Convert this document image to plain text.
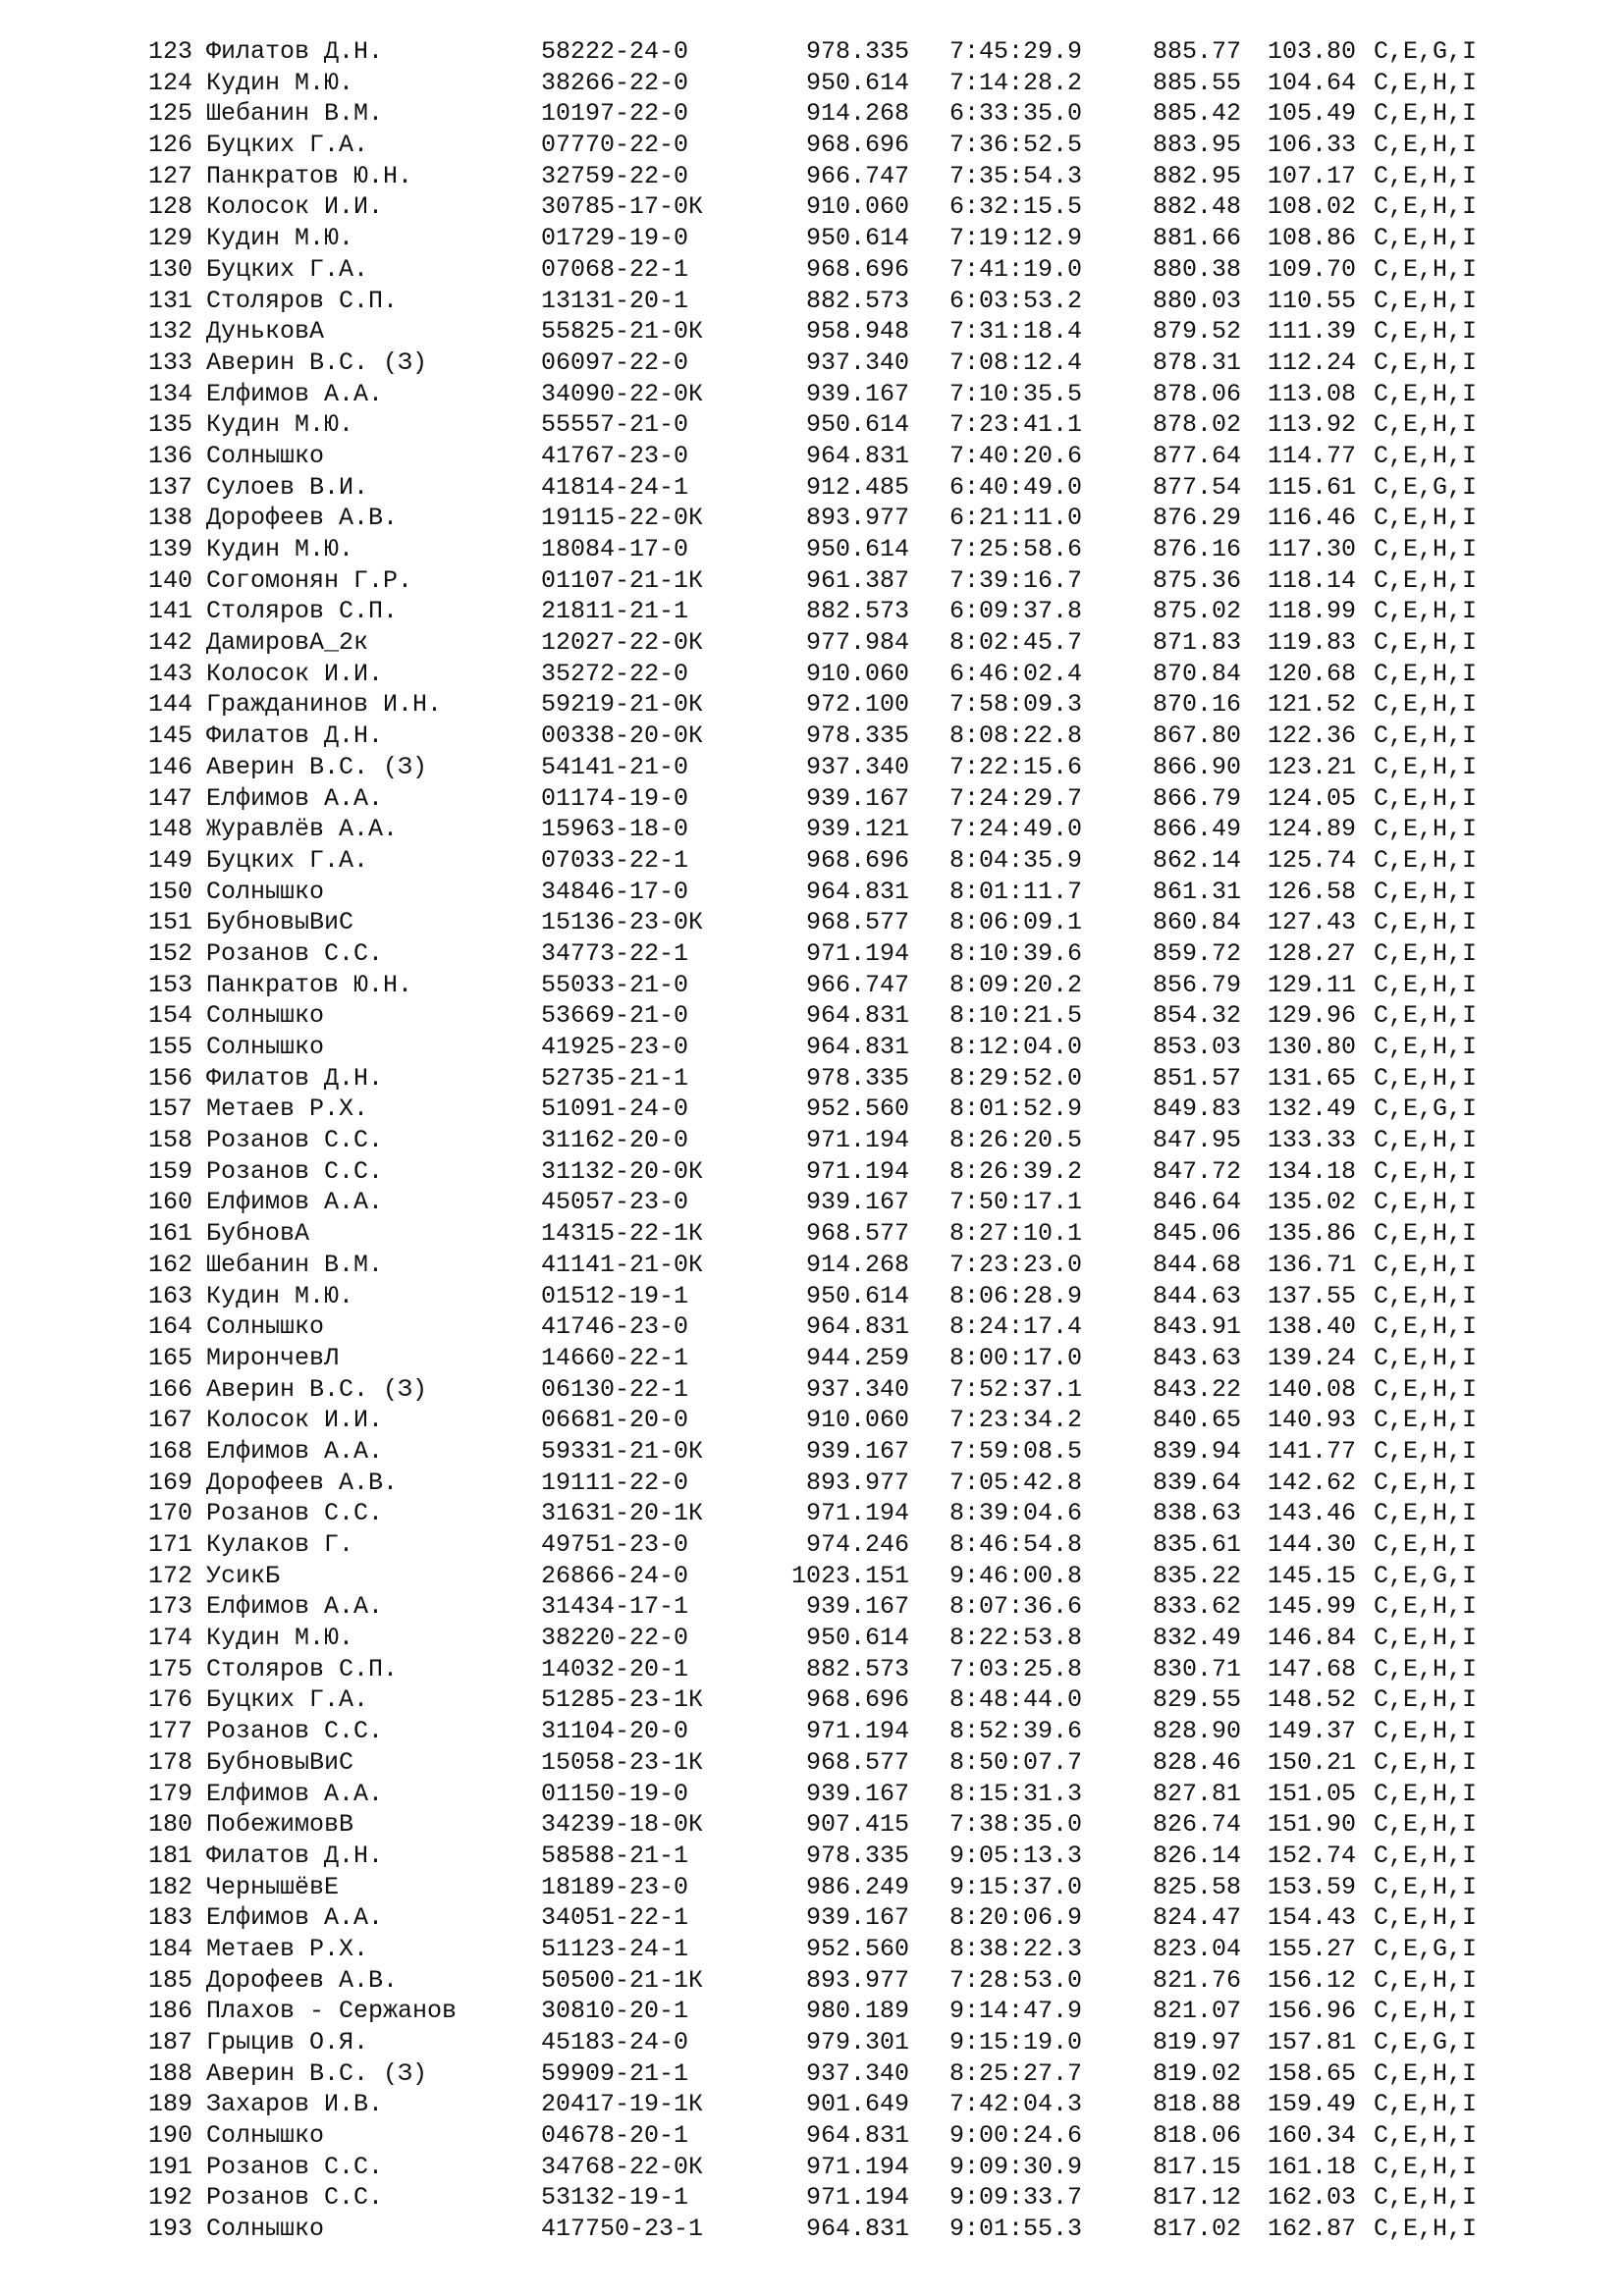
123 Филатов Д.Н.	58222-24-0	978.335	7:45:29.9	885.77	103.80 C,E,G,I
124 Кудин М.Ю.	38266-22-0	950.614	7:14:28.2	885.55	104.64 C,E,H,I
125 Шебанин В.М.	10197-22-0	914.268	6:33:35.0	885.42	105.49 C,E,H,I
126 Буцких Г.А.	07770-22-0	968.696	7:36:52.5	883.95	106.33 C,E,H,I
127 Панкратов Ю.Н.	32759-22-0	966.747	7:35:54.3	882.95	107.17 C,E,H,I
128 Колосок И.И.	30785-17-0К	910.060	6:32:15.5	882.48	108.02 C,E,H,I
129 Кудин М.Ю.	01729-19-0	950.614	7:19:12.9	881.66	108.86 C,E,H,I
130 Буцких Г.А.	07068-22-1	968.696	7:41:19.0	880.38	109.70 C,E,H,I
131 Столяров С.П.	13131-20-1	882.573	6:03:53.2	880.03	110.55 C,E,H,I
132 ДуньковА	55825-21-0К	958.948	7:31:18.4	879.52	111.39 C,E,H,I
133 Аверин В.С. (З)	06097-22-0	937.340	7:08:12.4	878.31	112.24 C,E,H,I
134 Елфимов А.А.	34090-22-0К	939.167	7:10:35.5	878.06	113.08 C,E,H,I
135 Кудин М.Ю.	55557-21-0	950.614	7:23:41.1	878.02	113.92 C,E,H,I
136 Солнышко	41767-23-0	964.831	7:40:20.6	877.64	114.77 C,E,H,I
137 Сулоев В.И.	41814-24-1	912.485	6:40:49.0	877.54	115.61 C,E,G,I
138 Дорофеев А.В.	19115-22-0К	893.977	6:21:11.0	876.29	116.46 C,E,H,I
139 Кудин М.Ю.	18084-17-0	950.614	7:25:58.6	876.16	117.30 C,E,H,I
140 Согомонян Г.Р.	01107-21-1К	961.387	7:39:16.7	875.36	118.14 C,E,H,I
141 Столяров С.П.	21811-21-1	882.573	6:09:37.8	875.02	118.99 C,E,H,I
142 ДамировА_2к	12027-22-0К	977.984	8:02:45.7	871.83	119.83 C,E,H,I
143 Колосок И.И.	35272-22-0	910.060	6:46:02.4	870.84	120.68 C,E,H,I
144 Гражданинов И.Н.	59219-21-0К	972.100	7:58:09.3	870.16	121.52 C,E,H,I
145 Филатов Д.Н.	00338-20-0К	978.335	8:08:22.8	867.80	122.36 C,E,H,I
146 Аверин В.С. (З)	54141-21-0	937.340	7:22:15.6	866.90	123.21 C,E,H,I
147 Елфимов А.А.	01174-19-0	939.167	7:24:29.7	866.79	124.05 C,E,H,I
148 Журавлёв А.А.	15963-18-0	939.121	7:24:49.0	866.49	124.89 C,E,H,I
149 Буцких Г.А.	07033-22-1	968.696	8:04:35.9	862.14	125.74 C,E,H,I
150 Солнышко	34846-17-0	964.831	8:01:11.7	861.31	126.58 C,E,H,I
151 БубновыВиС	15136-23-0К	968.577	8:06:09.1	860.84	127.43 C,E,H,I
152 Розанов С.С.	34773-22-1	971.194	8:10:39.6	859.72	128.27 C,E,H,I
153 Панкратов Ю.Н.	55033-21-0	966.747	8:09:20.2	856.79	129.11 C,E,H,I
154 Солнышко	53669-21-0	964.831	8:10:21.5	854.32	129.96 C,E,H,I
155 Солнышко	41925-23-0	964.831	8:12:04.0	853.03	130.80 C,E,H,I
156 Филатов Д.Н.	52735-21-1	978.335	8:29:52.0	851.57	131.65 C,E,H,I
157 Метаев Р.Х.	51091-24-0	952.560	8:01:52.9	849.83	132.49 C,E,G,I
158 Розанов С.С.	31162-20-0	971.194	8:26:20.5	847.95	133.33 C,E,H,I
159 Розанов С.С.	31132-20-0К	971.194	8:26:39.2	847.72	134.18 C,E,H,I
160 Елфимов А.А.	45057-23-0	939.167	7:50:17.1	846.64	135.02 C,E,H,I
161 БубновА	14315-22-1К	968.577	8:27:10.1	845.06	135.86 C,E,H,I
162 Шебанин В.М.	41141-21-0К	914.268	7:23:23.0	844.68	136.71 C,E,H,I
163 Кудин М.Ю.	01512-19-1	950.614	8:06:28.9	844.63	137.55 C,E,H,I
164 Солнышко	41746-23-0	964.831	8:24:17.4	843.91	138.40 C,E,H,I
165 МирончевЛ	14660-22-1	944.259	8:00:17.0	843.63	139.24 C,E,H,I
166 Аверин В.С. (З)	06130-22-1	937.340	7:52:37.1	843.22	140.08 C,E,H,I
167 Колосок И.И.	06681-20-0	910.060	7:23:34.2	840.65	140.93 C,E,H,I
168 Елфимов А.А.	59331-21-0К	939.167	7:59:08.5	839.94	141.77 C,E,H,I
169 Дорофеев А.В.	19111-22-0	893.977	7:05:42.8	839.64	142.62 C,E,H,I
170 Розанов С.С.	31631-20-1К	971.194	8:39:04.6	838.63	143.46 C,E,H,I
171 Кулаков Г.	49751-23-0	974.246	8:46:54.8	835.61	144.30 C,E,H,I
172 УсикБ	26866-24-0	1023.151	9:46:00.8	835.22	145.15 C,E,G,I
173 Елфимов А.А.	31434-17-1	939.167	8:07:36.6	833.62	145.99 C,E,H,I
174 Кудин М.Ю.	38220-22-0	950.614	8:22:53.8	832.49	146.84 C,E,H,I
175 Столяров С.П.	14032-20-1	882.573	7:03:25.8	830.71	147.68 C,E,H,I
176 Буцких Г.А.	51285-23-1К	968.696	8:48:44.0	829.55	148.52 C,E,H,I
177 Розанов С.С.	31104-20-0	971.194	8:52:39.6	828.90	149.37 C,E,H,I
178 БубновыВиС	15058-23-1К	968.577	8:50:07.7	828.46	150.21 C,E,H,I
179 Елфимов А.А.	01150-19-0	939.167	8:15:31.3	827.81	151.05 C,E,H,I
180 ПобежимовВ	34239-18-0К	907.415	7:38:35.0	826.74	151.90 C,E,H,I
181 Филатов Д.Н.	58588-21-1	978.335	9:05:13.3	826.14	152.74 C,E,H,I
182 ЧернышёвЕ	18189-23-0	986.249	9:15:37.0	825.58	153.59 C,E,H,I
183 Елфимов А.А.	34051-22-1	939.167	8:20:06.9	824.47	154.43 C,E,H,I
184 Метаев Р.Х.	51123-24-1	952.560	8:38:22.3	823.04	155.27 C,E,G,I
185 Дорофеев А.В.	50500-21-1К	893.977	7:28:53.0	821.76	156.12 C,E,H,I
186 Плахов - Сержанов	30810-20-1	980.189	9:14:47.9	821.07	156.96 C,E,H,I
187 Грыцив О.Я.	45183-24-0	979.301	9:15:19.0	819.97	157.81 C,E,G,I
188 Аверин В.С. (З)	59909-21-1	937.340	8:25:27.7	819.02	158.65 C,E,H,I
189 Захаров И.В.	20417-19-1К	901.649	7:42:04.3	818.88	159.49 C,E,H,I
190 Солнышко	04678-20-1	964.831	9:00:24.6	818.06	160.34 C,E,H,I
191 Розанов С.С.	34768-22-0К	971.194	9:09:30.9	817.15	161.18 C,E,H,I
192 Розанов С.С.	53132-19-1	971.194	9:09:33.7	817.12	162.03 C,E,H,I
193 Солнышко	417750-23-1	964.831	9:01:55.3	817.02	162.87 C,E,H,I
